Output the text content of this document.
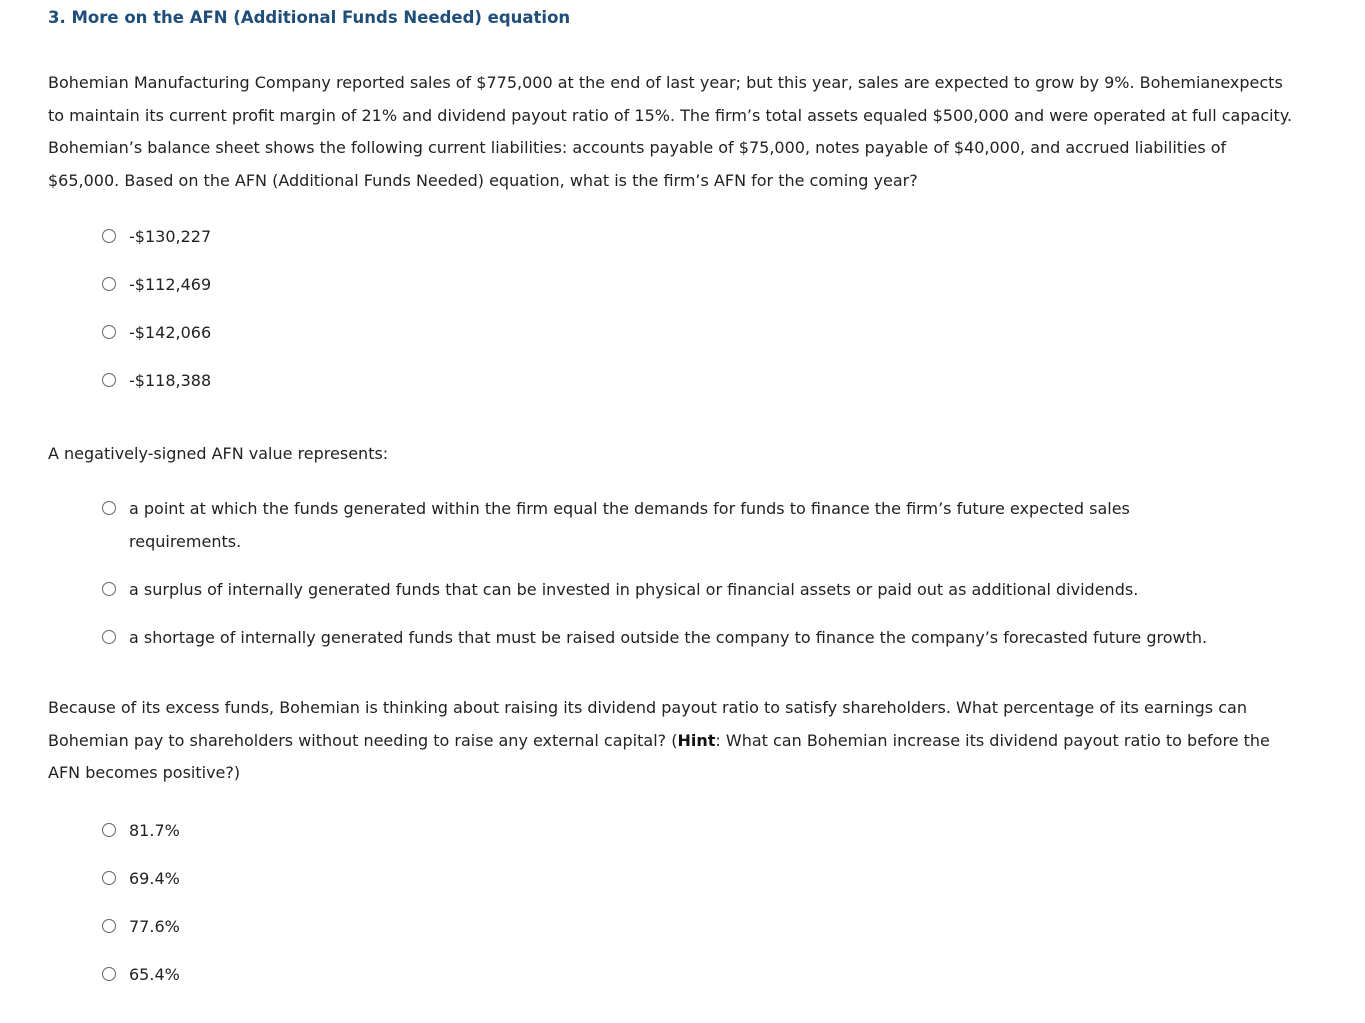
3. More on the AFN (Additional Funds Needed) equation
Bohemian Manufacturing Company reported sales of $775,000 at the end of last year; but this year, sales are expected to grow by 9%. Bohemianexpects to maintain its current profit margin of 21% and dividend payout ratio of 15%. The firm’s total assets equaled $500,000 and were operated at full capacity. Bohemian’s balance sheet shows the following current liabilities: accounts payable of $75,000, notes payable of $40,000, and accrued liabilities of $65,000. Based on the AFN (Additional Funds Needed) equation, what is the firm’s AFN for the coming year?
-$130,227
-$112,469
-$142,066
-$118,388
A negatively-signed AFN value represents:
a point at which the funds generated within the firm equal the demands for funds to finance the firm’s future expected sales requirements.
a surplus of internally generated funds that can be invested in physical or financial assets or paid out as additional dividends.
a shortage of internally generated funds that must be raised outside the company to finance the company’s forecasted future growth.
Because of its excess funds, Bohemian is thinking about raising its dividend payout ratio to satisfy shareholders. What percentage of its earnings can Bohemian pay to shareholders without needing to raise any external capital? (Hint: What can Bohemian increase its dividend payout ratio to before the AFN becomes positive?)
81.7%
69.4%
77.6%
65.4%
